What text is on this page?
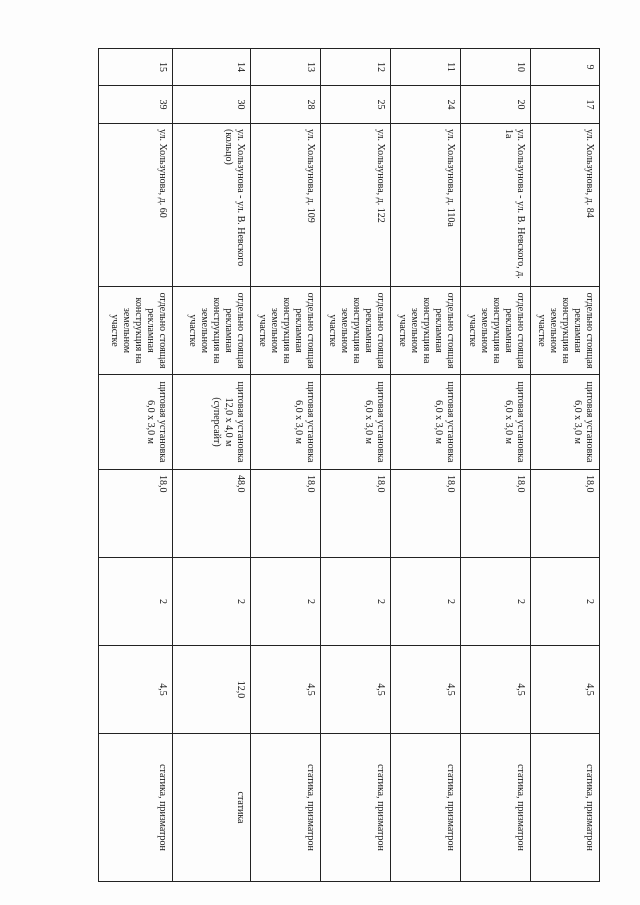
9	17	ул. Хользунова, д. 84	отдельно стоящая рекламная конструкция на земельном участке	щитовая установка 6,0 х 3,0 м	18,0	2	4,5	статика, призматрон
10	20	ул. Хользунова - ул. В. Невского, д. 1а	отдельно стоящая рекламная конструкция на земельном участке	щитовая установка 6,0 х 3,0 м	18,0	2	4,5	статика, призматрон
11	24	ул. Хользунова, д. 110а	отдельно стоящая рекламная конструкция на земельном участке	щитовая установка 6,0 х 3,0 м	18,0	2	4,5	статика, призматрон
12	25	ул. Хользунова, д. 122	отдельно стоящая рекламная конструкция на земельном участке	щитовая установка 6,0 х 3,0 м	18,0	2	4,5	статика, призматрон
13	28	ул. Хользунова, д. 109	отдельно стоящая рекламная конструкция на земельном участке	щитовая установка 6,0 х 3,0 м	18,0	2	4,5	статика, призматрон
14	30	ул. Хользунова - ул. В. Невского (кольцо)	отдельно стоящая рекламная конструкция на земельном участке	щитовая установка 12,0 х 4,0 м (суперсайт)	48,0	2	12,0	статика
15	39	ул. Хользунова, д. 60	отдельно стоящая рекламная конструкция на земельном участке	щитовая установка 6,0 х 3,0 м	18,0	2	4,5	статика, призматрон
